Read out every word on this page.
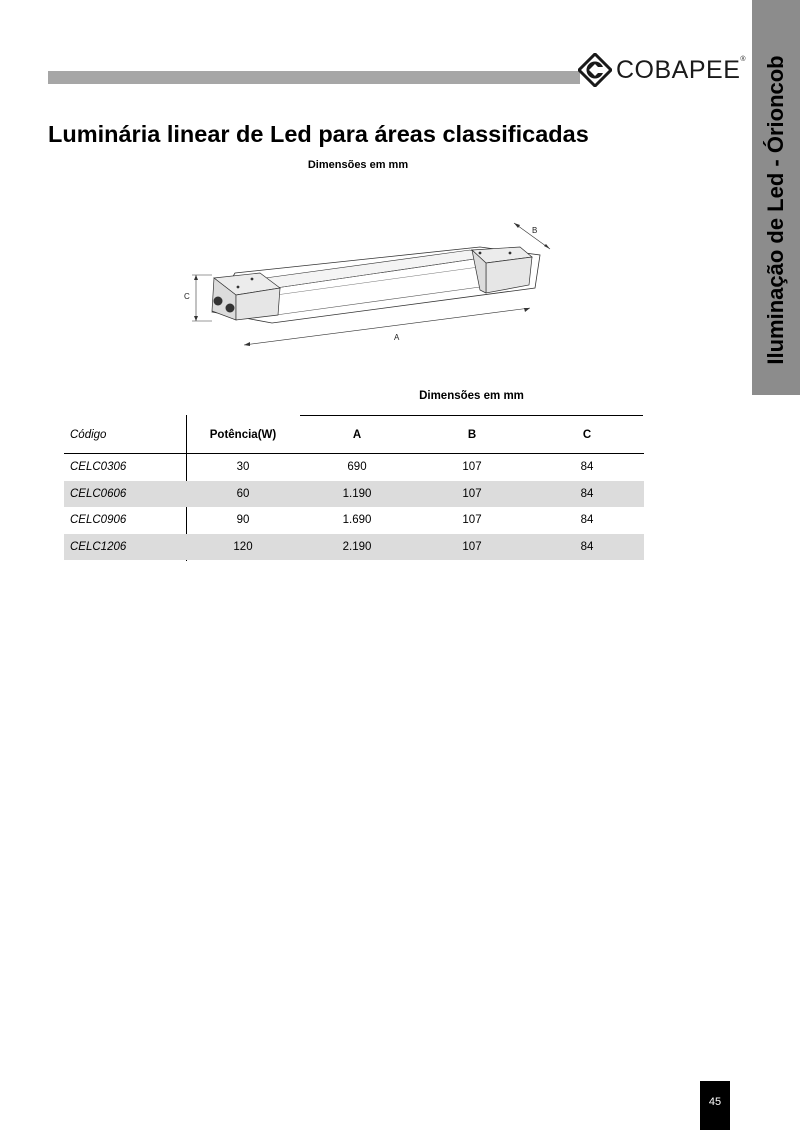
COBAPEE® Iluminação de Led - Órioncob
Luminária linear de Led para áreas classificadas
Dimensões em mm
C
A
B
Dimensões em mm
Código	Potência(W)	A	B	C
CELC0306	30	690	107	84
CELC0606	60	1.190	107	84
CELC0906	90	1.690	107	84
CELC1206	120	2.190	107	84
45
